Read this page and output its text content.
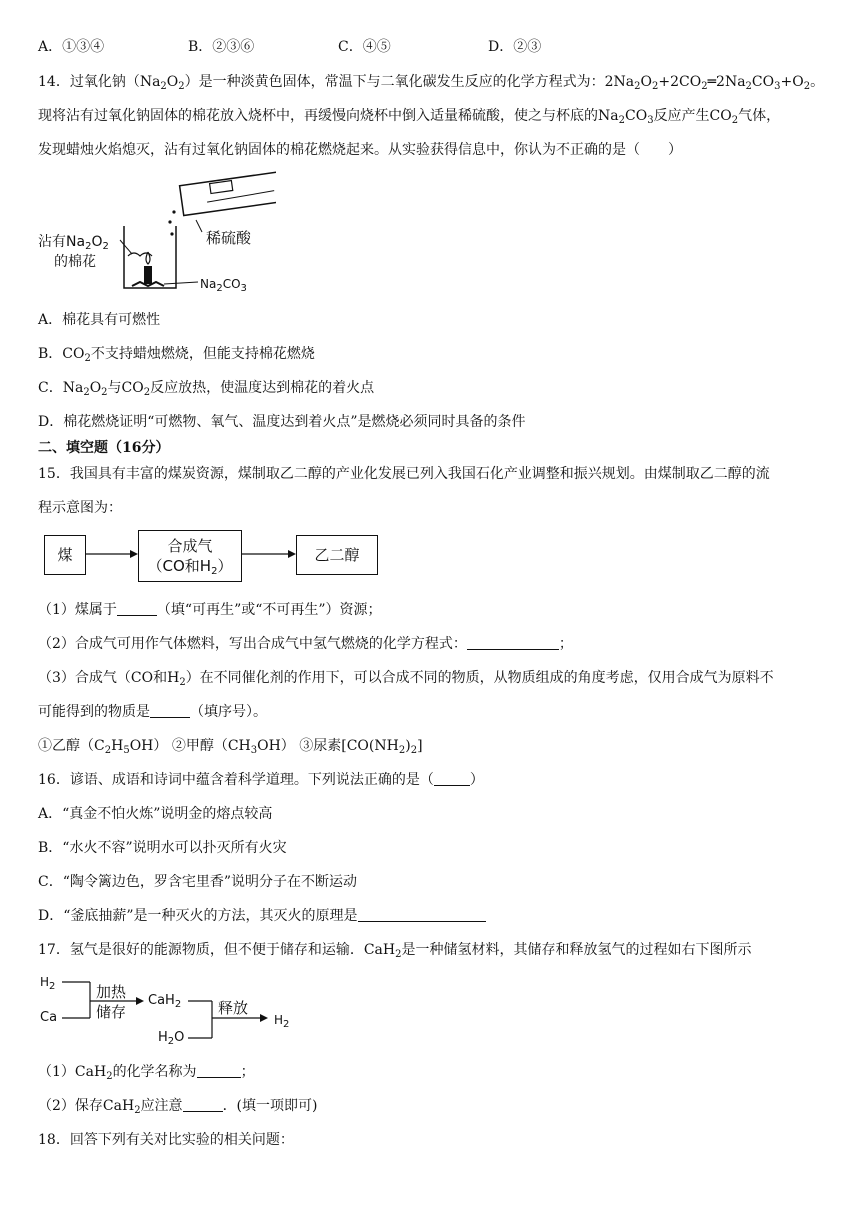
A．①③④	B．②③⑥	C．④⑤	D．②③
14．过氧化钠$(Na_2O_2)$是一种淡黄色固体，常温下与二氧化碳发生反应的化学方程式为：$2Na_2O_2+2CO_2═2Na_2CO_3+O_2$。
现将沾有过氧化钠固体的棉花放入烧杯中，再缓慢向烧杯中倒入适量稀硫酸，使之与杯底的$Na_2CO_3$反应产生$CO_2$气体，
发现蜡烛火焰熄灭，沾有过氧化钠固体的棉花燃烧起来。从实验获得信息中，你认为不正确的是（　　）
沾有$Na_2O_2$
的棉花
稀硫酸
$Na_2CO_3$
A．棉花具有可燃性
B．$CO_2$不支持蜡烛燃烧，但能支持棉花燃烧
C．$Na_2O_2$与$CO_2$反应放热，使温度达到棉花的着火点
D．棉花燃烧证明“可燃物、氧气、温度达到着火点”是燃烧必须同时具备的条件
二、填空题（16分）
15．我国具有丰富的煤炭资源，煤制取乙二醇的产业化发展已列入我国石化产业调整和振兴规划。由煤制取乙二醇的流
程示意图为：
煤	合成气
（CO和$H_2$）
乙二醇
（1）煤属于	（填“可再生”或“不可再生”）资源；
（2）合成气可用作气体燃料，写出合成气中氢气燃烧的化学方程式：	；
（3）合成气（CO和$H_2$）在不同催化剂的作用下，可以合成不同的物质，从物质组成的角度考虑，仅用合成气为原料不
可能得到的物质是	（填序号）。
①乙醇$(C_2H_5OH)$ ②甲醇$(CH_3OH)$ ③尿素$[CO(NH_2)_2]$
16．谚语、成语和诗词中蕴含着科学道理。下列说法正确的是（	）
A．“真金不怕火炼”说明金的熔点较高
B．“水火不容”说明水可以扑灭所有火灾
C．“陶令篱边色，罗含宅里香”说明分子在不断运动
D．“釜底抽薪”是一种灭火的方法，其灭火的原理是
17．氢气是很好的能源物质，但不便于储存和运输．CaH$_2$是一种储氢材料，其储存和释放氢气的过程如右下图所示
$H_2$
Ca
加热
储存
CaH$_2$
$H_2O$
释放
$H_2$
（1）CaH$_2$的化学名称为	；
（2）保存CaH$_2$应注意	．(填一项即可)
18．回答下列有关对比实验的相关问题：
